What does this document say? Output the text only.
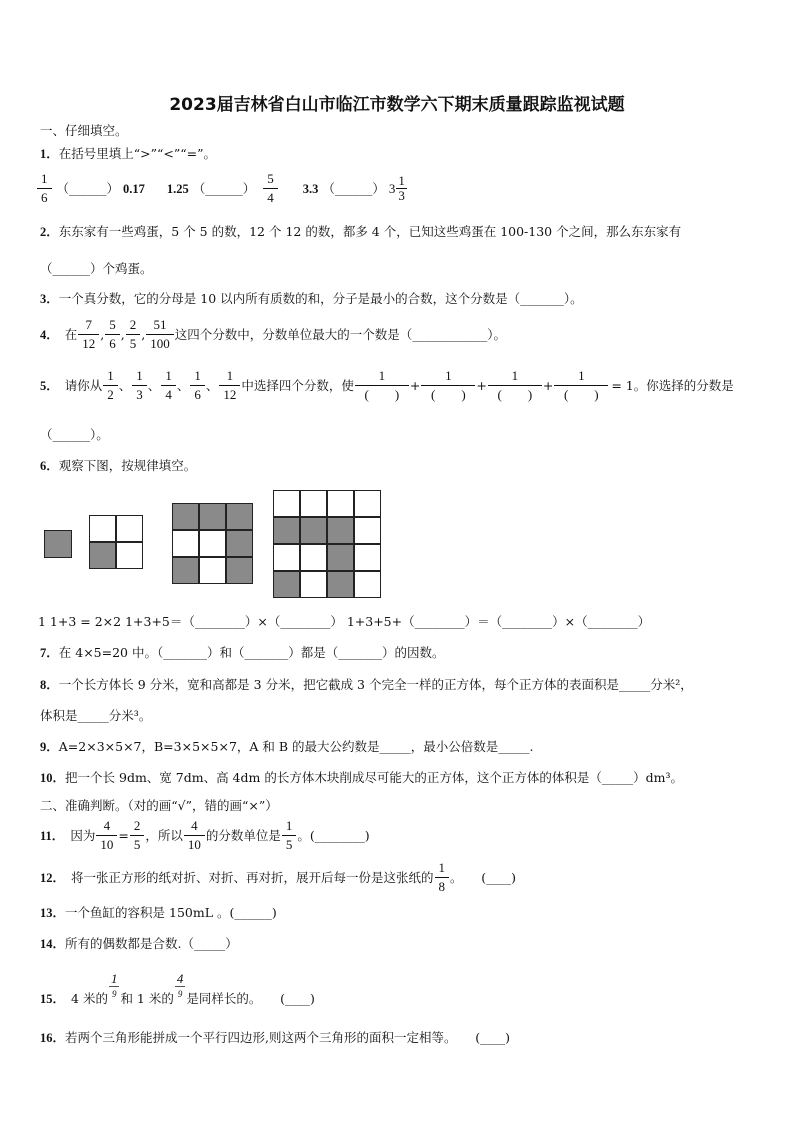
2023届吉林省白山市临江市数学六下期末质量跟踪监视试题
一、仔细填空。
1．在括号里填上“>”“<”“=”。
$\frac{1}{6}$ （______） 0.17 1.25 （______） $\frac{5}{4} 3.3$ （______） $3 \frac{1}{3}$
2．东东家有一些鸡蛋，5 个 5 的数，12 个 12 的数，都多 4 个，已知这些鸡蛋在 100-130 个之间，那么东东家有
（______）个鸡蛋。
3．一个真分数，它的分母是 10 以内所有质数的和，分子是最小的合数，这个分数是（_______）。
4． 在 $\frac{7}{12}$ , $\frac{5}{6}$ , $\frac{2}{5}$ , $\frac{51}{100}$ 这四个分数中，分数单位最大的一个数是（____________）。
5． 请你从 $\frac{1}{2}$ 、 $\frac{1}{3}$ 、 $\frac{1}{4}$ 、 $\frac{1}{6}$ 、 $\frac{1}{12}$ 中选择四个分数，使 $\frac{1}{( )} + \frac{1}{( )} + \frac{1}{( )} + \frac{1}{( )} = 1$ 。你选择的分数是
（______）。
6．观察下图，按规律填空。
1 1+3 = 2×2 1+3+5＝（________）×（________） 1+3+5+（________）＝（________）×（________）
7．在 4×5=20 中。（_______）和（_______）都是（_______）的因数。
8．一个长方体长 9 分米，宽和高都是 3 分米，把它截成 3 个完全一样的正方体，每个正方体的表面积是_____分米²，
体积是_____分米³。
9．A=2×3×5×7，B=3×5×5×7，A 和 B 的最大公约数是_____，最小公倍数是_____.
10．把一个长 9dm、宽 7dm、高 4dm 的长方体木块削成尽可能大的正方体，这个正方体的体积是（_____）dm³。
二、准确判断。（对的画“√”，错的画“×”）
11． 因为 $\frac{4}{10} = \frac{2}{5}$ ，所以 $\frac{4}{10}$ 的分数单位是 $\frac{1}{5}$ 。(________)
12． 将一张正方形的纸对折、对折、再对折，展开后每一份是这张纸的 $\frac{1}{8}$ 。　　(____)
13．一个鱼缸的容积是 150mL 。(______)
14．所有的偶数都是合数.（_____）
15． 4 米的 $\frac{1}{9}$ 和 1 米的 $\frac{4}{9}$ 是同样长的。　　(____)
16．若两个三角形能拼成一个平行四边形,则这两个三角形的面积一定相等。　　(____)
